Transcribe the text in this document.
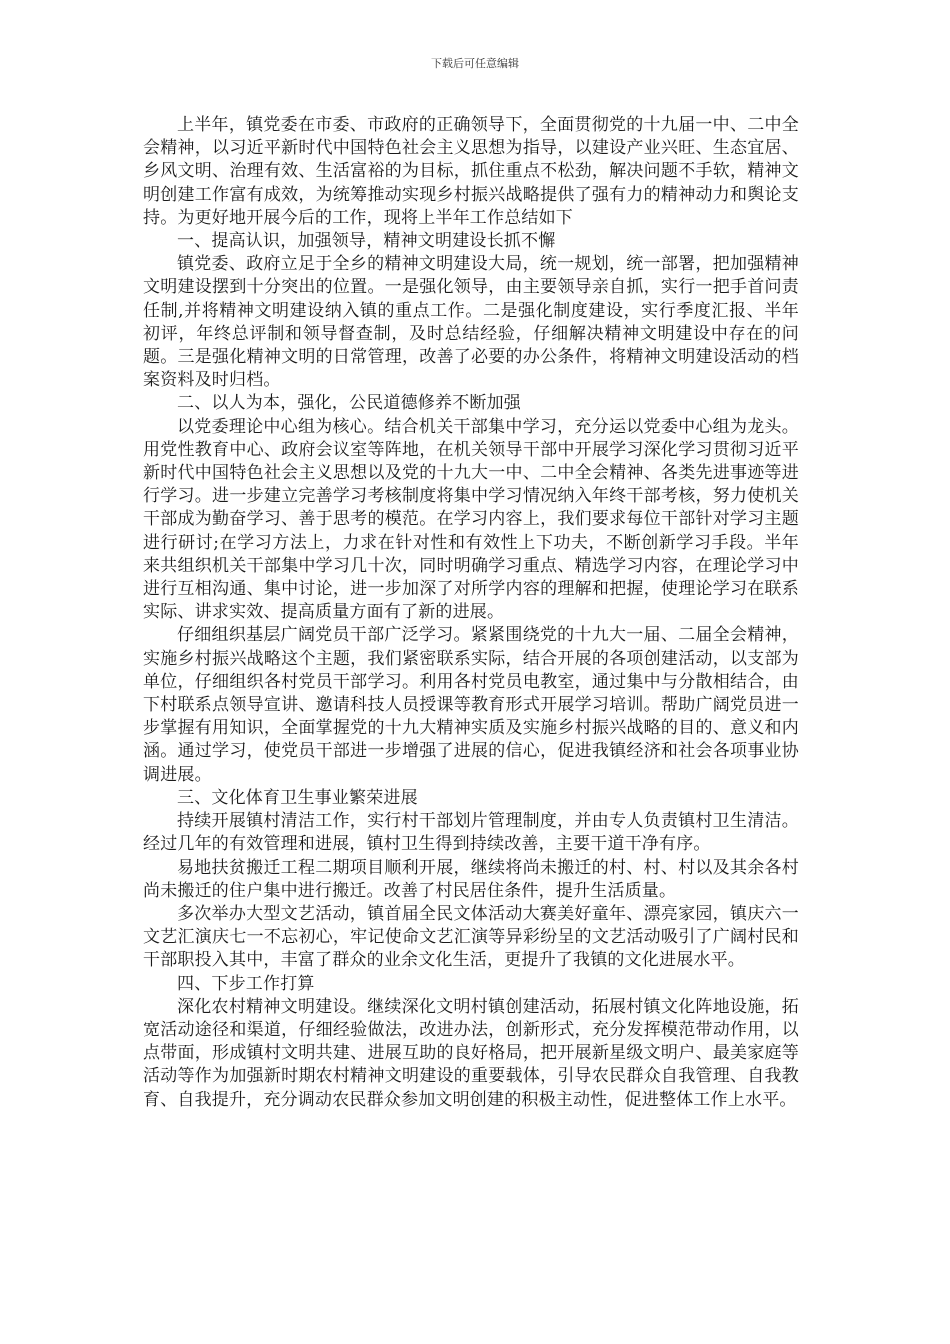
下载后可任意编辑

上半年，镇党委在市委、市政府的正确领导下，全面贯彻党的十九届一中、二中全会精神，以习近平新时代中国特色社会主义思想为指导，以建设产业兴旺、生态宜居、乡风文明、治理有效、生活富裕的为目标，抓住重点不松劲，解决问题不手软，精神文明创建工作富有成效，为统筹推动实现乡村振兴战略提供了强有力的精神动力和舆论支持。为更好地开展今后的工作，现将上半年工作总结如下

一、提高认识，加强领导，精神文明建设长抓不懈

镇党委、政府立足于全乡的精神文明建设大局，统一规划，统一部署，把加强精神文明建设摆到十分突出的位置。一是强化领导，由主要领导亲自抓，实行一把手首问责任制,并将精神文明建设纳入镇的重点工作。二是强化制度建设，实行季度汇报、半年初评，年终总评制和领导督查制，及时总结经验，仔细解决精神文明建设中存在的问题。三是强化精神文明的日常管理，改善了必要的办公条件，将精神文明建设活动的档案资料及时归档。

二、以人为本，强化，公民道德修养不断加强

以党委理论中心组为核心。结合机关干部集中学习，充分运以党委中心组为龙头。用党性教育中心、政府会议室等阵地，在机关领导干部中开展学习深化学习贯彻习近平新时代中国特色社会主义思想以及党的十九大一中、二中全会精神、各类先进事迹等进行学习。进一步建立完善学习考核制度将集中学习情况纳入年终干部考核，努力使机关干部成为勤奋学习、善于思考的模范。在学习内容上，我们要求每位干部针对学习主题进行研讨;在学习方法上，力求在针对性和有效性上下功夫，不断创新学习手段。半年来共组织机关干部集中学习几十次，同时明确学习重点、精选学习内容，在理论学习中进行互相沟通、集中讨论，进一步加深了对所学内容的理解和把握，使理论学习在联系实际、讲求实效、提高质量方面有了新的进展。

仔细组织基层广阔党员干部广泛学习。紧紧围绕党的十九大一届、二届全会精神，实施乡村振兴战略这个主题，我们紧密联系实际，结合开展的各项创建活动，以支部为单位，仔细组织各村党员干部学习。利用各村党员电教室，通过集中与分散相结合，由下村联系点领导宣讲、邀请科技人员授课等教育形式开展学习培训。帮助广阔党员进一步掌握有用知识，全面掌握党的十九大精神实质及实施乡村振兴战略的目的、意义和内涵。通过学习，使党员干部进一步增强了进展的信心，促进我镇经济和社会各项事业协调进展。

三、文化体育卫生事业繁荣进展

持续开展镇村清洁工作，实行村干部划片管理制度，并由专人负责镇村卫生清洁。经过几年的有效管理和进展，镇村卫生得到持续改善，主要干道干净有序。

易地扶贫搬迁工程二期项目顺利开展，继续将尚未搬迁的村、村、村以及其余各村尚未搬迁的住户集中进行搬迁。改善了村民居住条件，提升生活质量。

多次举办大型文艺活动，镇首届全民文体活动大赛美好童年、漂亮家园，镇庆六一文艺汇演庆七一不忘初心，牢记使命文艺汇演等异彩纷呈的文艺活动吸引了广阔村民和干部职投入其中，丰富了群众的业余文化生活，更提升了我镇的文化进展水平。

四、下步工作打算

深化农村精神文明建设。继续深化文明村镇创建活动，拓展村镇文化阵地设施，拓宽活动途径和渠道，仔细经验做法，改进办法，创新形式，充分发挥模范带动作用，以点带面，形成镇村文明共建、进展互助的良好格局，把开展新星级文明户、最美家庭等活动等作为加强新时期农村精神文明建设的重要载体，引导农民群众自我管理、自我教育、自我提升，充分调动农民群众参加文明创建的积极主动性，促进整体工作上水平。
